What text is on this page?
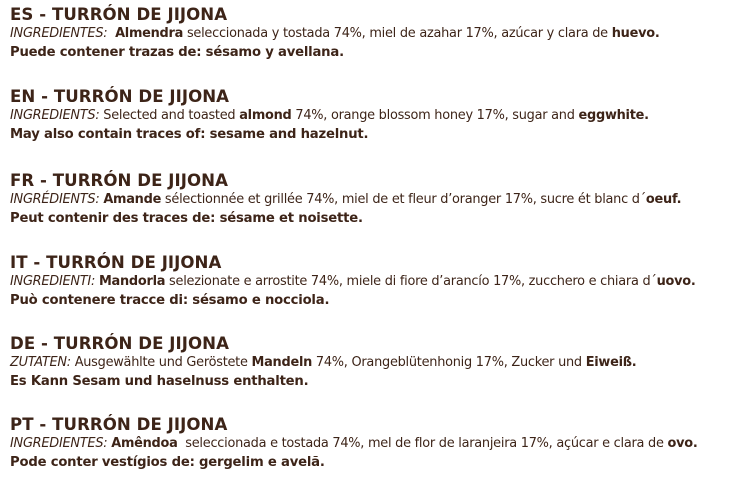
ES - TURRÓN DE JIJONA
INGREDIENTES: Almendra seleccionada y tostada 74%, miel de azahar 17%, azúcar y clara de huevo.
Puede contener trazas de: sésamo y avellana.
EN - TURRÓN DE JIJONA
INGREDIENTS: Selected and toasted almond 74%, orange blossom honey 17%, sugar and eggwhite.
May also contain traces of: sesame and hazelnut.
FR - TURRÓN DE JIJONA
INGRÉDIENTS: Amande sélectionnée et grillée 74%, miel de et fleur d’oranger 17%, sucre ét blanc d´oeuf.
Peut contenir des traces de: sésame et noisette.
IT - TURRÓN DE JIJONA
INGREDIENTI: Mandorla selezionate e arrostite 74%, miele di fiore d’arancío 17%, zucchero e chiara d´uovo.
Può contenere tracce di: sésamo e nocciola.
DE - TURRÓN DE JIJONA
ZUTATEN: Ausgewählte und Geröstete Mandeln 74%, Orangeblütenhonig 17%, Zucker und Eiweiß.
Es Kann Sesam und haselnuss enthalten.
PT - TURRÓN DE JIJONA
INGREDIENTES: Amêndoa  seleccionada e tostada 74%, mel de flor de laranjeira 17%, açúcar e clara de ovo.
Pode conter vestígios de: gergelim e avelã.
